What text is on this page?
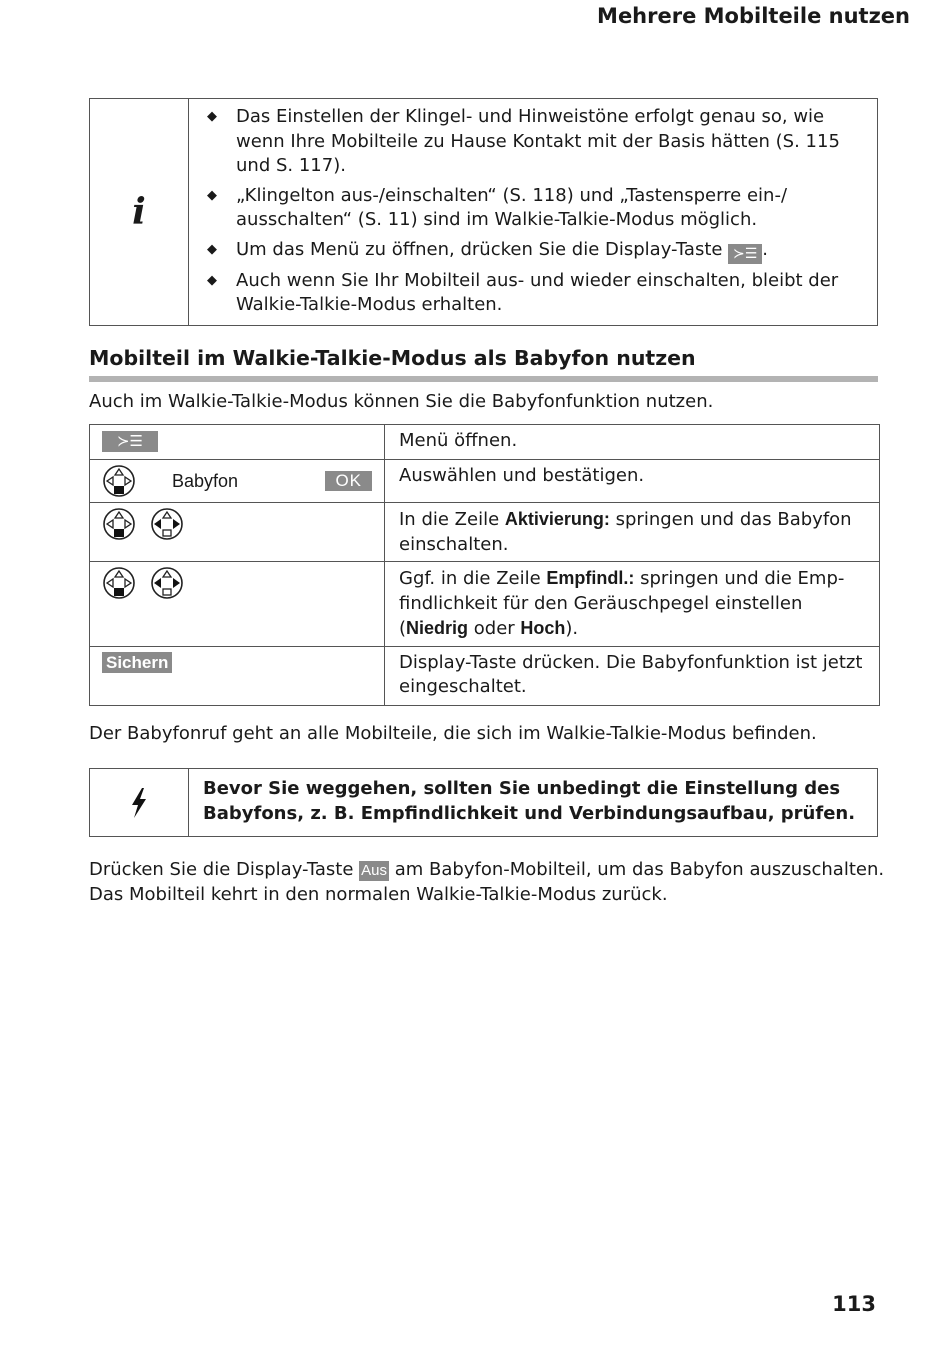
Mehrere Mobilteile nutzen
i
◆	Das Einstellen der Klingel- und Hinweistöne erfolgt genau so, wie wenn Ihre Mobilteile zu Hause Kontakt mit der Basis hätten (S. 115 und S. 117).
◆	„Klingelton aus-/einschalten“ (S. 118) und „Tastensperre ein-/ ausschalten“ (S. 11) sind im Walkie-Talkie-Modus möglich.
◆	Um das Menü zu öffnen, drücken Sie die Display-Taste ≻☰ .
◆	Auch wenn Sie Ihr Mobilteil aus- und wieder einschalten, bleibt der Walkie-Talkie-Modus erhalten.
Mobilteil im Walkie-Talkie-Modus als Babyfon nutzen
Auch im Walkie-Talkie-Modus können Sie die Babyfonfunktion nutzen.
≻☰	Menü öffnen.

Babyfon OK	Auswählen und bestätigen.

	In die Zeile Aktivierung: springen und das Babyfon einschalten.

	Ggf. in die Zeile Empfindl.: springen und die Empfindlichkeit für den Geräuschpegel einstellen (Niedrig oder Hoch).
Sichern	Display-Taste drücken. Die Babyfonfunktion ist jetzt eingeschaltet.
Der Babyfonruf geht an alle Mobilteile, die sich im Walkie-Talkie-Modus befinden.
Bevor Sie weggehen, sollten Sie unbedingt die Einstellung des Babyfons, z. B. Empfindlichkeit und Verbindungsaufbau, prüfen.
Drücken Sie die Display-Taste Aus am Babyfon-Mobilteil, um das Babyfon auszuschalten.
Das Mobilteil kehrt in den normalen Walkie-Talkie-Modus zurück.
113
